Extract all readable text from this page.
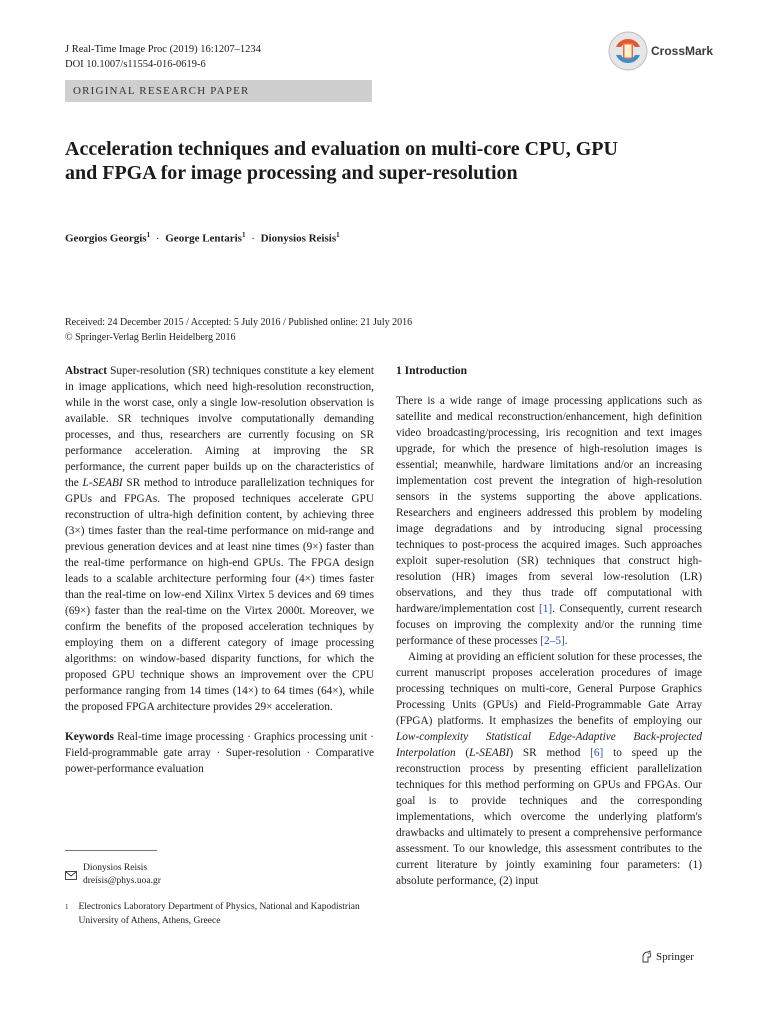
J Real-Time Image Proc (2019) 16:1207–1234
DOI 10.1007/s11554-016-0619-6
CrossMark
ORIGINAL RESEARCH PAPER
Acceleration techniques and evaluation on multi-core CPU, GPU
and FPGA for image processing and super-resolution
Georgios Georgis$^1$ · George Lentaris$^1$ · Dionysios Reisis$^1$
Received: 24 December 2015 / Accepted: 5 July 2016 / Published online: 21 July 2016
© Springer-Verlag Berlin Heidelberg 2016

Abstract Super-resolution (SR) techniques constitute a key element in image applications, which need high-resolution reconstruction, while in the worst case, only a single low-resolution observation is available. SR techniques involve computationally demanding processes, and thus, researchers are currently focusing on SR performance acceleration. Aiming at improving the SR performance, the current paper builds up on the characteristics of the L-SEABI SR method to introduce parallelization techniques for GPUs and FPGAs. The proposed techniques accelerate GPU reconstruction of ultra-high definition content, by achieving three (3×) times faster than the real-time performance on mid-range and previous generation devices and at least nine times (9×) faster than the real-time performance on high-end GPUs. The FPGA design leads to a scalable architecture performing four (4×) times faster than the real-time on low-end Xilinx Virtex 5 devices and 69 times (69×) faster than the real-time on the Virtex 2000t. Moreover, we confirm the benefits of the proposed acceleration techniques by employing them on a different category of image processing algorithms: on window-based disparity functions, for which the proposed GPU technique shows an improvement over the CPU performance ranging from 14 times (14×) to 64 times (64×), while the proposed FPGA architecture provides 29× acceleration.

Keywords Real-time image processing · Graphics processing unit · Field-programmable gate array · Super-resolution · Comparative power-performance evaluation

Dionysios Reisis
dreisis@phys.uoa.gr
1	Electronics Laboratory Department of Physics, National and Kapodistrian University of Athens, Athens, Greece
1 Introduction

There is a wide range of image processing applications such as satellite and medical reconstruction/enhancement, high definition video broadcasting/processing, iris recognition and text images upgrade, for which the presence of high-resolution images is essential; meanwhile, hardware limitations and/or an increasing implementation cost prevent the integration of high-resolution sensors in the systems supporting the above applications. Researchers and engineers addressed this problem by modeling image degradations and by introducing signal processing techniques to post-process the acquired images. Such approaches exploit super-resolution (SR) techniques that construct high-resolution (HR) images from several low-resolution (LR) observations, and they thus trade off computational with hardware/implementation cost [1]. Consequently, current research focuses on improving the complexity and/or the running time performance of these processes [2–5].

Aiming at providing an efficient solution for these processes, the current manuscript proposes acceleration procedures of image processing techniques on multi-core, General Purpose Graphics Processing Units (GPUs) and Field-Programmable Gate Array (FPGA) platforms. It emphasizes the benefits of employing our Low-complexity Statistical Edge-Adaptive Back-projected Interpolation (L-SEABI) SR method [6] to speed up the reconstruction process by presenting efficient parallelization techniques for this method performing on GPUs and FPGAs. Our goal is to provide techniques and the corresponding implementations, which overcome the underlying platform's drawbacks and ultimately to present a comprehensive performance assessment. To our knowledge, this assessment contributes to the current literature by jointly examining four parameters: (1) absolute performance, (2) input

Springer
